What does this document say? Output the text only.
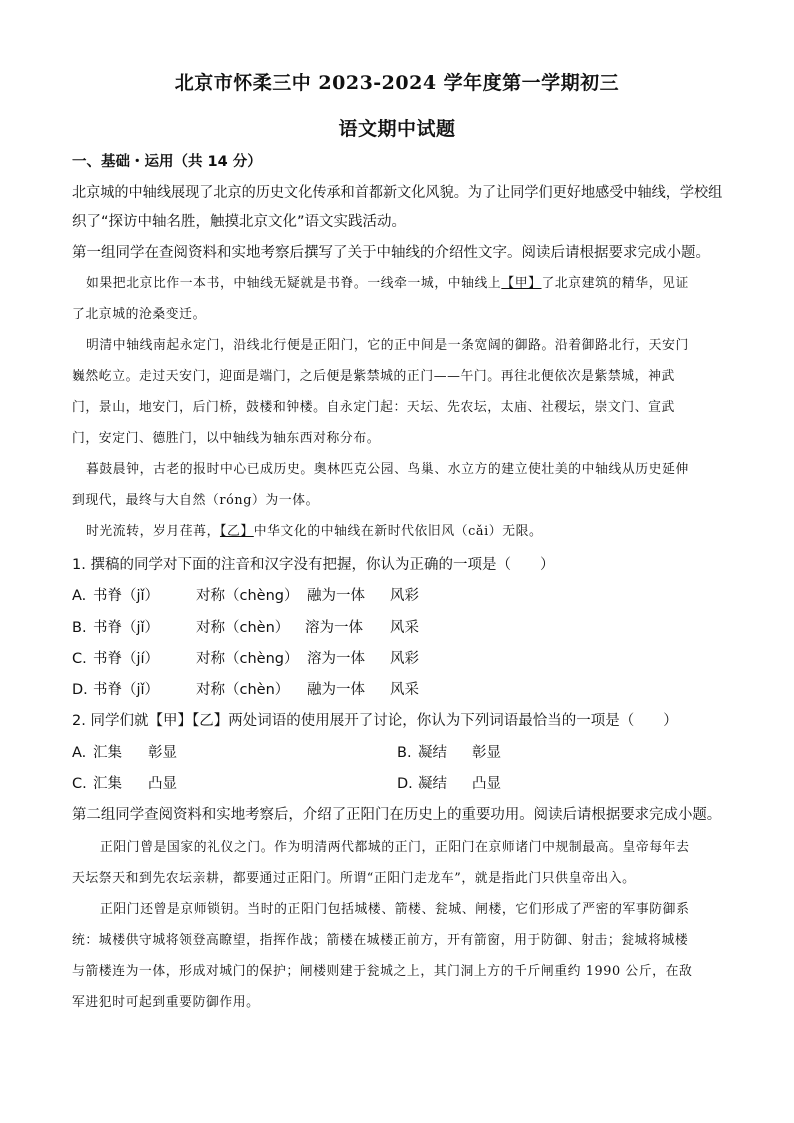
北京市怀柔三中 2023-2024 学年度第一学期初三
语文期中试题
一、基础・运用（共 14 分）
北京城的中轴线展现了北京的历史文化传承和首都新文化风貌。为了让同学们更好地感受中轴线，学校组
织了“探访中轴名胜，触摸北京文化”语文实践活动。
第一组同学在查阅资料和实地考察后撰写了关于中轴线的介绍性文字。阅读后请根据要求完成小题。
如果把北京比作一本书，中轴线无疑就是书脊。一线牵一城，中轴线上【甲】了北京建筑的精华，见证
了北京城的沧桑变迁。
明清中轴线南起永定门，沿线北行便是正阳门，它的正中间是一条宽阔的御路。沿着御路北行，天安门
巍然屹立。走过天安门，迎面是端门，之后便是紫禁城的正门——午门。再往北便依次是紫禁城，神武
门，景山，地安门，后门桥，鼓楼和钟楼。自永定门起：天坛、先农坛，太庙、社稷坛，崇文门、宣武
门，安定门、德胜门，以中轴线为轴东西对称分布。
暮鼓晨钟，古老的报时中心已成历史。奥林匹克公园、鸟巢、水立方的建立使壮美的中轴线从历史延伸
到现代，最终与大自然（róng）为一体。
时光流转，岁月荏苒，【乙】中华文化的中轴线在新时代依旧风（cǎi）无限。
1. 撰稿的同学对下面的注音和汉字没有把握，你认为正确的一项是（　　）
A. 书脊（jǐ）	对称（chèng） 融为一体 风彩
B. 书脊（jǐ）	对称（chèn） 溶为一体 风采
C. 书脊（jí）	对称（chèng） 溶为一体 风彩
D. 书脊（jǐ）	对称（chèn） 融为一体 风采
2. 同学们就【甲】【乙】两处词语的使用展开了讨论，你认为下列词语最恰当的一项是（　　）
A. 汇集 彰显	B. 凝结 彰显
C. 汇集 凸显	D. 凝结 凸显
第二组同学查阅资料和实地考察后，介绍了正阳门在历史上的重要功用。阅读后请根据要求完成小题。
正阳门曾是国家的礼仪之门。作为明清两代都城的正门，正阳门在京师诸门中规制最高。皇帝每年去
天坛祭天和到先农坛亲耕，都要通过正阳门。所谓“正阳门走龙车”，就是指此门只供皇帝出入。
正阳门还曾是京师锁钥。当时的正阳门包括城楼、箭楼、瓮城、闸楼，它们形成了严密的军事防御系
统：城楼供守城将领登高瞭望，指挥作战；箭楼在城楼正前方，开有箭窗，用于防御、射击；瓮城将城楼
与箭楼连为一体，形成对城门的保护；闸楼则建于瓮城之上，其门洞上方的千斤闸重约 1990 公斤，在敌
军进犯时可起到重要防御作用。
